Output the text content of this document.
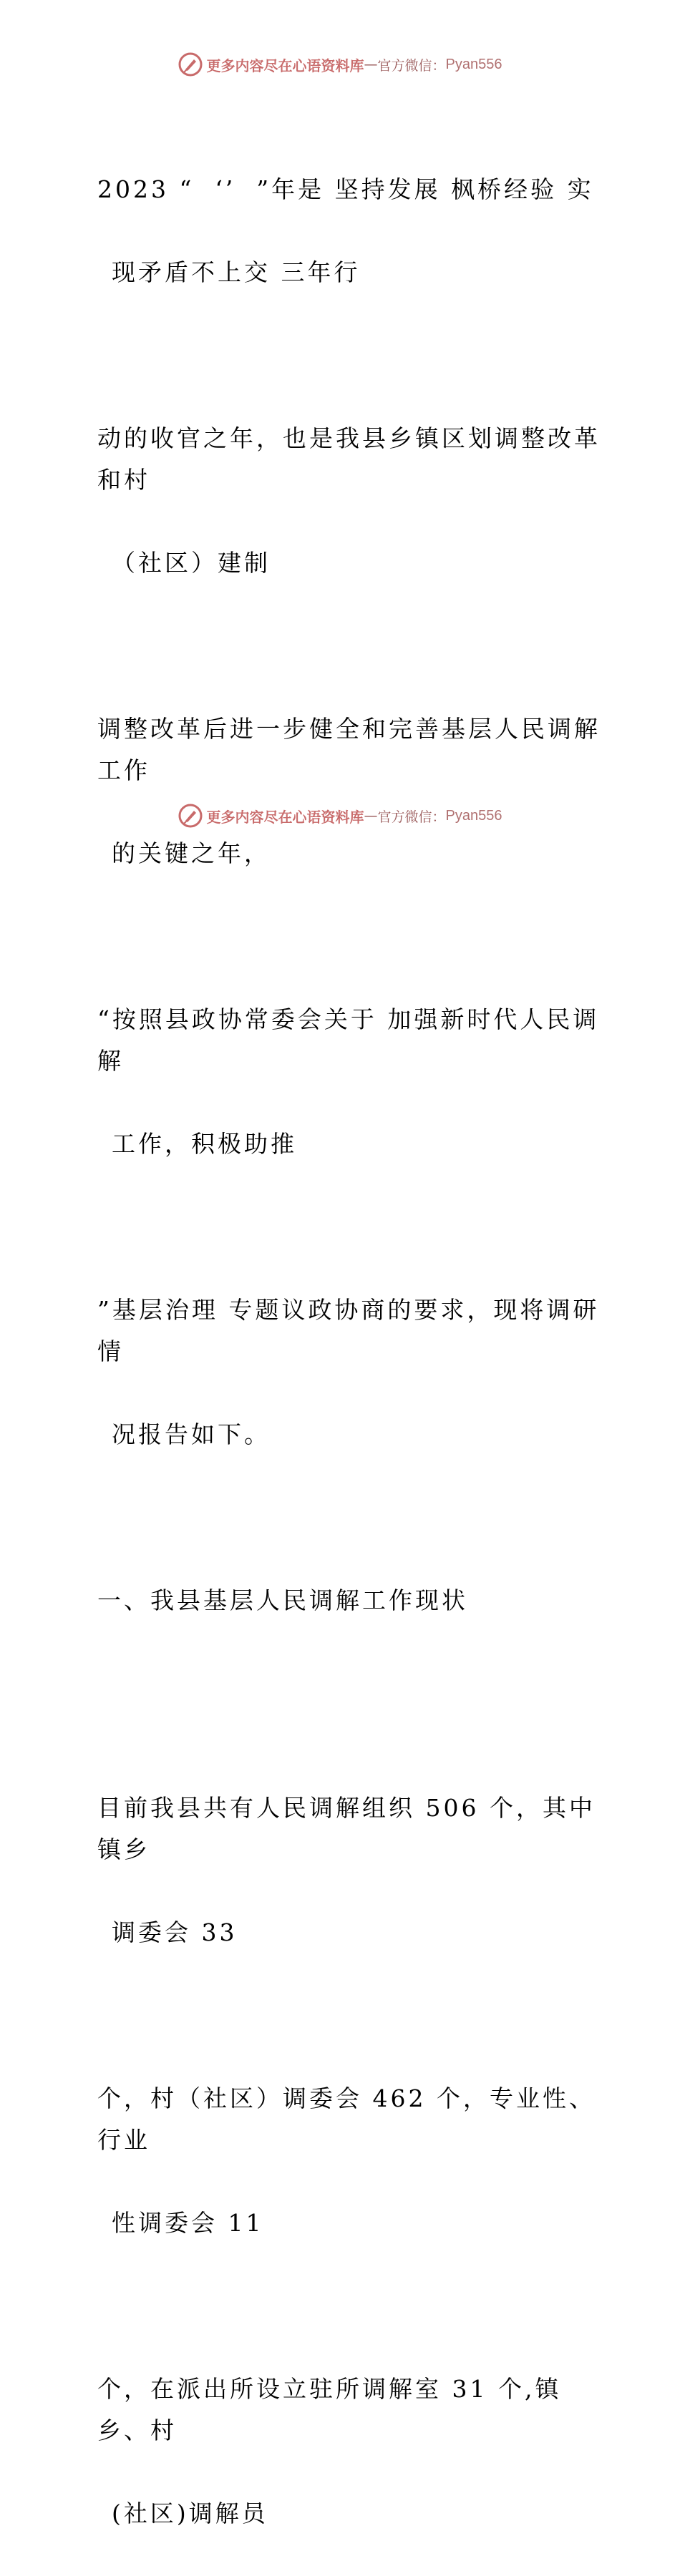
更多内容尽在心语资料库 — 官方微信： Pyan556

2023 “  ‘’  ”年是 坚持发展 枫桥经验 实

现矛盾不上交 三年行

动的收官之年，也是我县乡镇区划调整改革和村

（社区）建制

调整改革后进一步健全和完善基层人民调解工作

的关键之年，

“按照县政协常委会关于 加强新时代人民调解

工作，积极助推

”基层治理 专题议政协商的要求，现将调研情

况报告如下。

一、我县基层人民调解工作现状

目前我县共有人民调解组织 506 个，其中镇乡

调委会 33

个，村（社区）调委会 462 个，专业性、行业

性调委会 11

个，在派出所设立驻所调解室 31 个,镇乡、村

(社区)调解员

更多内容尽在心语资料库 — 官方微信： Pyan556
